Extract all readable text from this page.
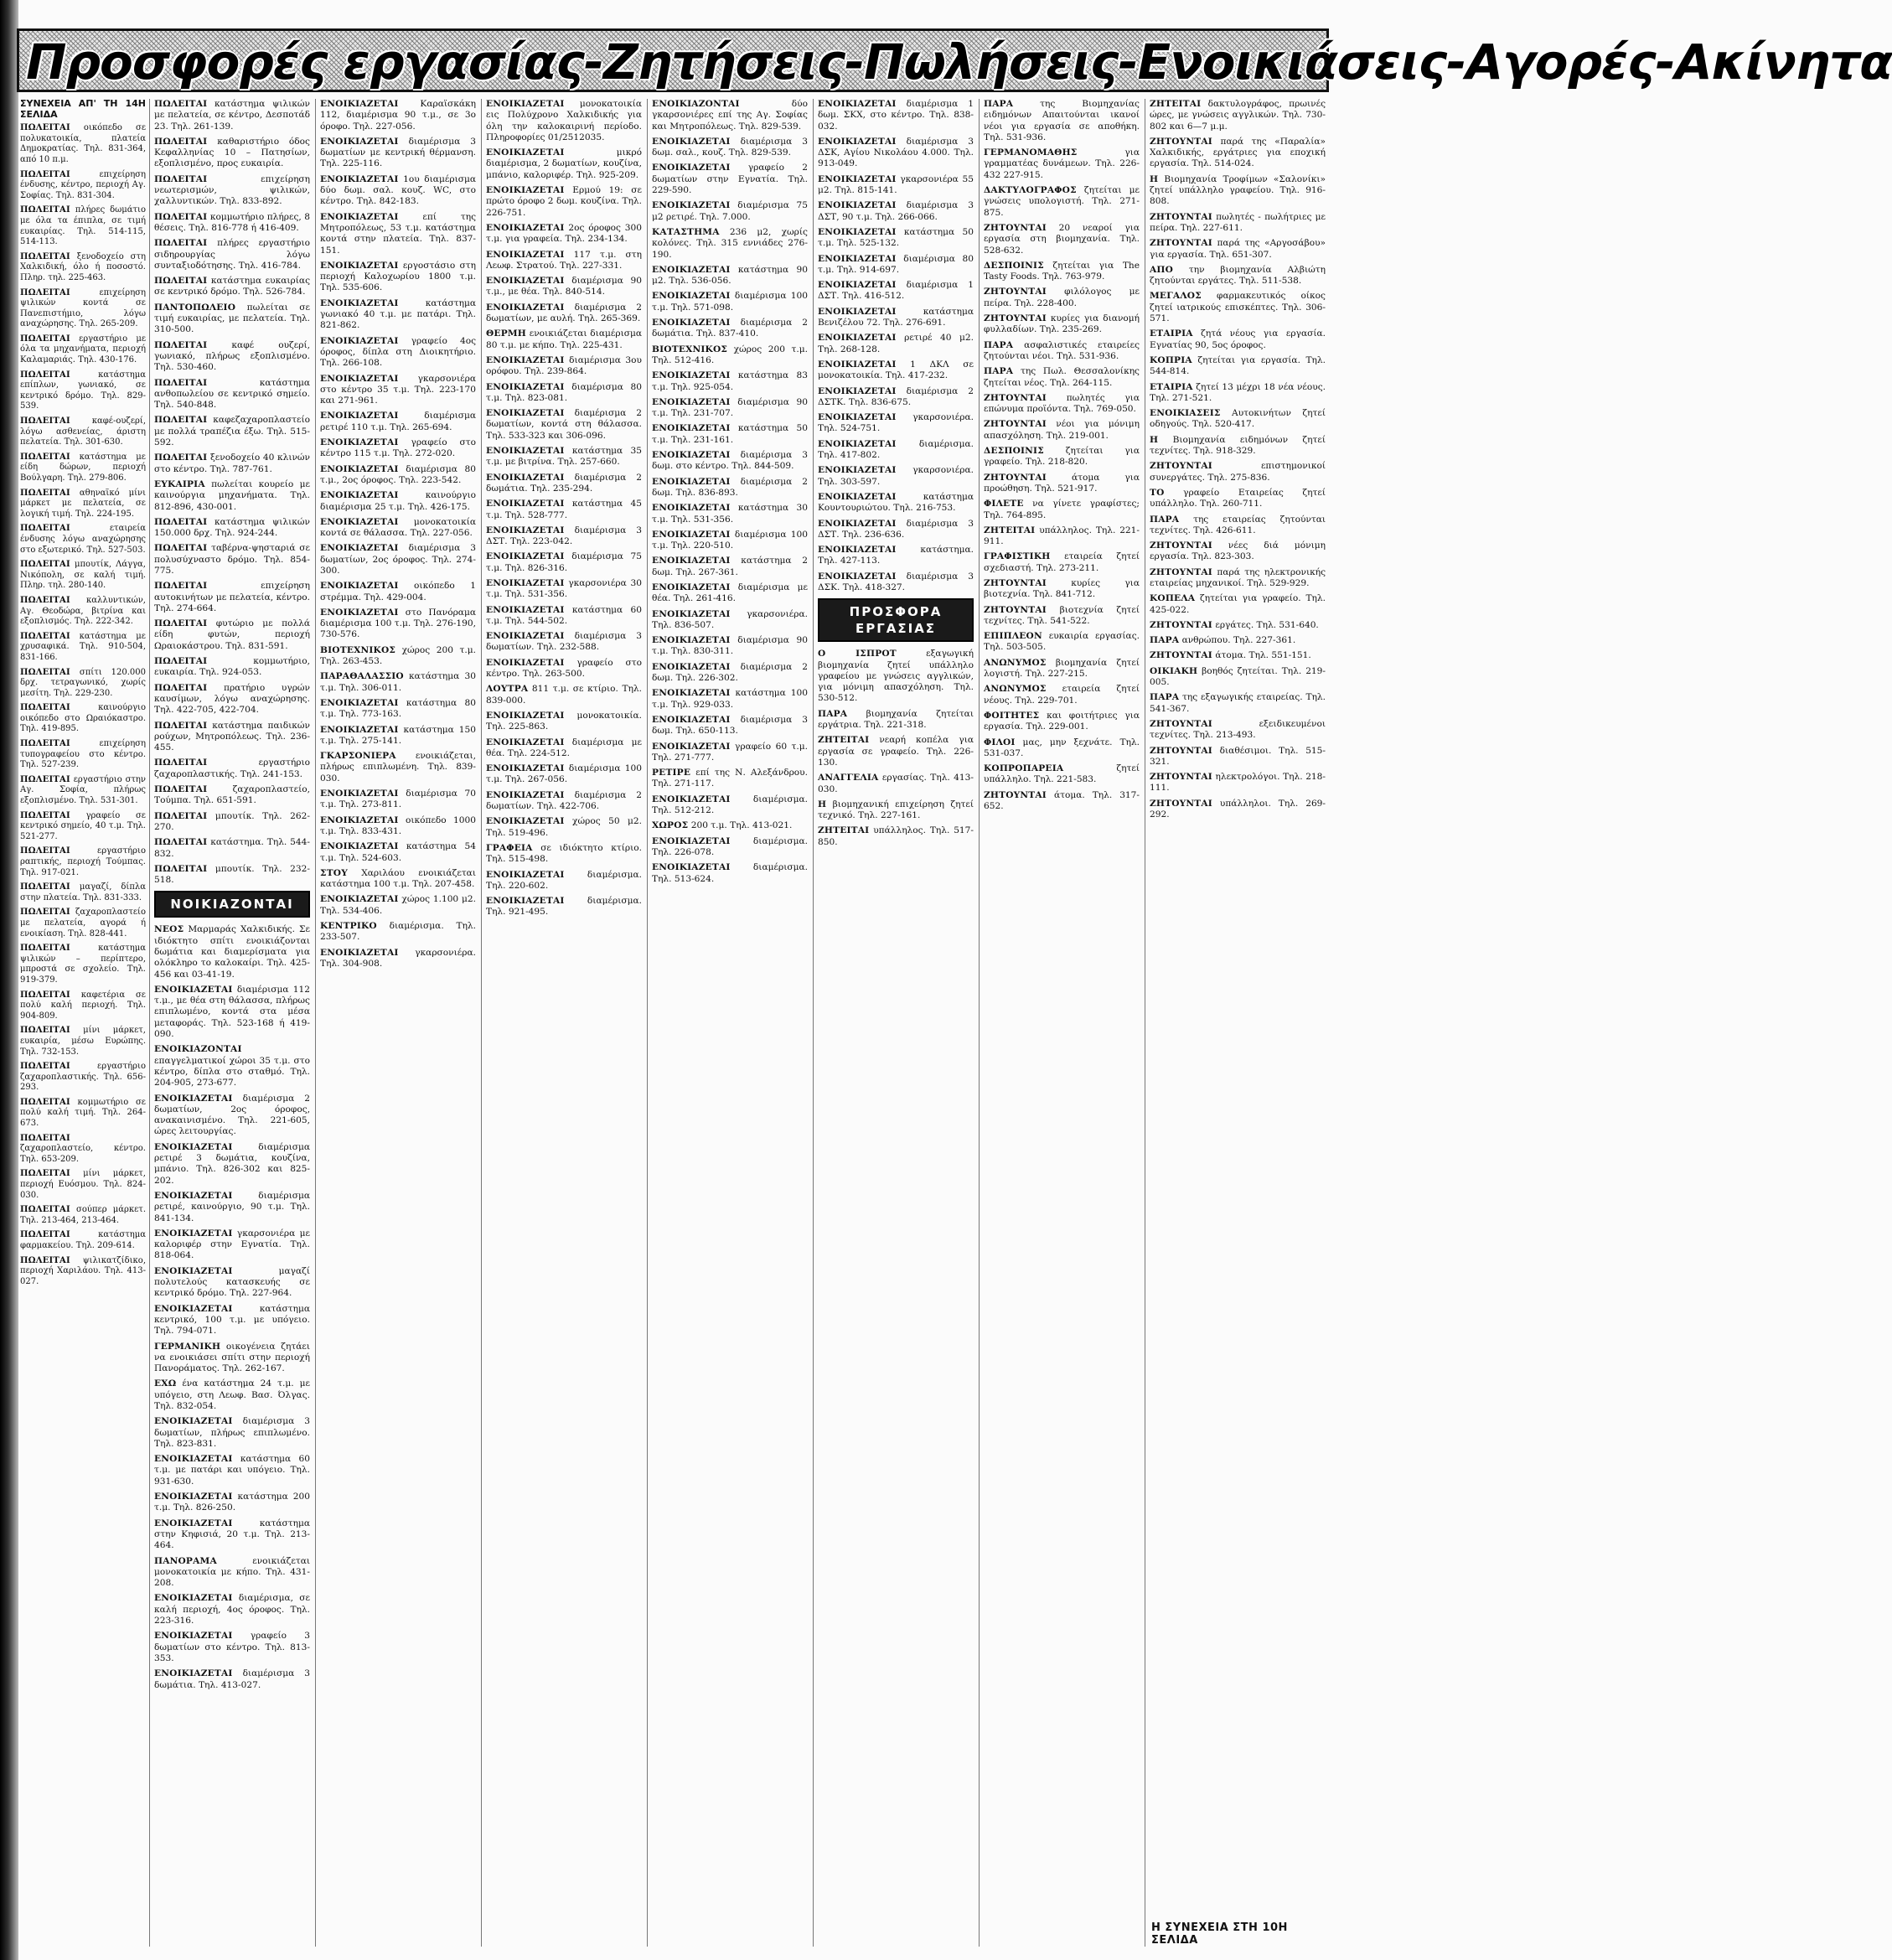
Προσφορές εργασίας-Ζητήσεις-Πωλήσεις-Ενοικιάσεις-Αγορές-Ακίνητα
ΣΥΝΕΧΕΙΑ ΑΠ' ΤΗ 14Η ΣΕΛΙΔΑ

ΠΩΛΕΙΤΑΙ οικόπεδο σε πολυκατοικία, πλατεία Δημοκρατίας. Τηλ. 831-364, από 10 π.μ.

ΠΩΛΕΙΤΑΙ επιχείρηση ένδυσης, κέντρο, περιοχή Αγ. Σοφίας. Τηλ. 831-304.

ΠΩΛΕΙΤΑΙ πλήρες δωμάτιο με όλα τα έπιπλα, σε τιμή ευκαιρίας. Τηλ. 514-115, 514-113.

ΠΩΛΕΙΤΑΙ ξενοδοχείο στη Χαλκιδική, όλο ή ποσοστό. Πληρ. τηλ. 225-463.

ΠΩΛΕΙΤΑΙ επιχείρηση ψιλικών κοντά σε Πανεπιστήμιο, λόγω αναχώρησης. Τηλ. 265-209.

ΠΩΛΕΙΤΑΙ εργαστήριο με όλα τα μηχανήματα, περιοχή Καλαμαριάς. Τηλ. 430-176.

ΠΩΛΕΙΤΑΙ κατάστημα επίπλων, γωνιακό, σε κεντρικό δρόμο. Τηλ. 829-539.

ΠΩΛΕΙΤΑΙ καφέ-ουζερί, λόγω ασθενείας, άριστη πελατεία. Τηλ. 301-630.

ΠΩΛΕΙΤΑΙ κατάστημα με είδη δώρων, περιοχή Βούλγαρη. Τηλ. 279-806.

ΠΩΛΕΙΤΑΙ αθηναϊκό μίνι μάρκετ με πελατεία, σε λογική τιμή. Τηλ. 224-195.

ΠΩΛΕΙΤΑΙ εταιρεία ένδυσης λόγω αναχώρησης στο εξωτερικό. Τηλ. 527-503.

ΠΩΛΕΙΤΑΙ μπουτίκ, Λάγγα, Νικόπολη, σε καλή τιμή. Πληρ. τηλ. 280-140.

ΠΩΛΕΙΤΑΙ καλλυντικών, Αγ. Θεοδώρα, βιτρίνα και εξοπλισμός. Τηλ. 222-342.

ΠΩΛΕΙΤΑΙ κατάστημα με χρυσαφικά. Τηλ. 910-504, 831-166.

ΠΩΛΕΙΤΑΙ σπίτι 120.000 δρχ. τετραγωνικό, χωρίς μεσίτη. Τηλ. 229-230.

ΠΩΛΕΙΤΑΙ καινούργιο οικόπεδο στο Ωραιόκαστρο. Τηλ. 419-895.

ΠΩΛΕΙΤΑΙ επιχείρηση τυπογραφείου στο κέντρο. Τηλ. 527-239.

ΠΩΛΕΙΤΑΙ εργαστήριο στην Αγ. Σοφία, πλήρως εξοπλισμένο. Τηλ. 531-301.

ΠΩΛΕΙΤΑΙ γραφείο σε κεντρικό σημείο, 40 τ.μ. Τηλ. 521-277.

ΠΩΛΕΙΤΑΙ εργαστήριο ραπτικής, περιοχή Τούμπας. Τηλ. 917-021.

ΠΩΛΕΙΤΑΙ μαγαζί, δίπλα στην πλατεία. Τηλ. 831-333.

ΠΩΛΕΙΤΑΙ ζαχαροπλαστείο με πελατεία, αγορά ή ενοικίαση. Τηλ. 828-441.

ΠΩΛΕΙΤΑΙ κατάστημα ψιλικών – περίπτερο, μπροστά σε σχολείο. Τηλ. 919-379.

ΠΩΛΕΙΤΑΙ καφετέρια σε πολύ καλή περιοχή. Τηλ. 904-809.

ΠΩΛΕΙΤΑΙ μίνι μάρκετ, ευκαιρία, μέσω Ευρώπης. Τηλ. 732-153.

ΠΩΛΕΙΤΑΙ εργαστήριο ζαχαροπλαστικής. Τηλ. 656-293.

ΠΩΛΕΙΤΑΙ κομμωτήριο σε πολύ καλή τιμή. Τηλ. 264-673.

ΠΩΛΕΙΤΑΙ ζαχαροπλαστείο, κέντρο. Τηλ. 653-209.

ΠΩΛΕΙΤΑΙ μίνι μάρκετ, περιοχή Ευόσμου. Τηλ. 824-030.

ΠΩΛΕΙΤΑΙ σούπερ μάρκετ. Τηλ. 213-464, 213-464.

ΠΩΛΕΙΤΑΙ κατάστημα φαρμακείου. Τηλ. 209-614.

ΠΩΛΕΙΤΑΙ ψιλικατζίδικο, περιοχή Χαριλάου. Τηλ. 413-027.

ΠΩΛΕΙΤΑΙ κατάστημα ψιλικών με πελατεία, σε κέντρο, Δεσποτάδ 23. Τηλ. 261-139.

ΠΩΛΕΙΤΑΙ καθαριστήριο όδος Κεφαλληνίας 10 – Πατησίων, εξοπλισμένο, προς ευκαιρία.

ΠΩΛΕΙΤΑΙ επιχείρηση νεωτερισμών, ψιλικών, χαλλυντικών. Τηλ. 833-892.

ΠΩΛΕΙΤΑΙ κομμωτήριο πλήρες, 8 θέσεις. Τηλ. 816-778 ή 416-409.

ΠΩΛΕΙΤΑΙ πλήρες εργαστήριο σιδηρουργίας λόγω συνταξιοδότησης. Τηλ. 416-784.

ΠΩΛΕΙΤΑΙ κατάστημα ευκαιρίας σε κεντρικό δρόμο. Τηλ. 526-784.

ΠΑΝΤΟΠΩΛΕΙΟ πωλείται σε τιμή ευκαιρίας, με πελατεία. Τηλ. 310-500.

ΠΩΛΕΙΤΑΙ καφέ ουζερί, γωνιακό, πλήρως εξοπλισμένο. Τηλ. 530-460.

ΠΩΛΕΙΤΑΙ κατάστημα ανθοπωλείου σε κεντρικό σημείο. Τηλ. 540-848.

ΠΩΛΕΙΤΑΙ καφεζαχαροπλαστείο με πολλά τραπέζια έξω. Τηλ. 515-592.

ΠΩΛΕΙΤΑΙ ξενοδοχείο 40 κλινών στο κέντρο. Τηλ. 787-761.

ΕΥΚΑΙΡΙΑ πωλείται κουρείο με καινούργια μηχανήματα. Τηλ. 812-896, 430-001.

ΠΩΛΕΙΤΑΙ κατάστημα ψιλικών 150.000 δρχ. Τηλ. 924-244.

ΠΩΛΕΙΤΑΙ ταβέρνα-ψησταριά σε πολυσύχναστο δρόμο. Τηλ. 854-775.

ΠΩΛΕΙΤΑΙ επιχείρηση αυτοκινήτων με πελατεία, κέντρο. Τηλ. 274-664.

ΠΩΛΕΙΤΑΙ φυτώριο με πολλά είδη φυτών, περιοχή Ωραιοκάστρου. Τηλ. 831-591.

ΠΩΛΕΙΤΑΙ κομμωτήριο, ευκαιρία. Τηλ. 924-053.

ΠΩΛΕΙΤΑΙ πρατήριο υγρών καυσίμων, λόγω αναχώρησης. Τηλ. 422-705, 422-704.

ΠΩΛΕΙΤΑΙ κατάστημα παιδικών ρούχων, Μητροπόλεως. Τηλ. 236-455.

ΠΩΛΕΙΤΑΙ εργαστήριο ζαχαροπλαστικής. Τηλ. 241-153.

ΠΩΛΕΙΤΑΙ ζαχαροπλαστείο, Τούμπα. Τηλ. 651-591.

ΠΩΛΕΙΤΑΙ μπουτίκ. Τηλ. 262-270.

ΠΩΛΕΙΤΑΙ κατάστημα. Τηλ. 544-832.

ΠΩΛΕΙΤΑΙ μπουτίκ. Τηλ. 232-518.

ΝΟΙΚΙΑΖΟΝΤΑΙ

ΝΕΟΣ Μαρμαράς Χαλκιδικής. Σε ιδιόκτητο σπίτι ενοικιάζονται δωμάτια και διαμερίσματα για ολόκληρο το καλοκαίρι. Τηλ. 425-456 και 03-41-19.

ΕΝΟΙΚΙΑΖΕΤΑΙ διαμέρισμα 112 τ.μ., με θέα στη θάλασσα, πλήρως επιπλωμένο, κοντά στα μέσα μεταφοράς. Τηλ. 523-168 ή 419-090.

ΕΝΟΙΚΙΑΖΟΝΤΑΙ επαγγελματικοί χώροι 35 τ.μ. στο κέντρο, δίπλα στο σταθμό. Τηλ. 204-905, 273-677.

ΕΝΟΙΚΙΑΖΕΤΑΙ διαμέρισμα 2 δωματίων, 2ος όροφος, ανακαινισμένο. Τηλ. 221-605, ώρες λειτουργίας.

ΕΝΟΙΚΙΑΖΕΤΑΙ διαμέρισμα ρετιρέ 3 δωμάτια, κουζίνα, μπάνιο. Τηλ. 826-302 και 825-202.

ΕΝΟΙΚΙΑΖΕΤΑΙ διαμέρισμα ρετιρέ, καινούργιο, 90 τ.μ. Τηλ. 841-134.

ΕΝΟΙΚΙΑΖΕΤΑΙ γκαρσονιέρα με καλοριφέρ στην Εγνατία. Τηλ. 818-064.

ΕΝΟΙΚΙΑΖΕΤΑΙ μαγαζί πολυτελούς κατασκευής σε κεντρικό δρόμο. Τηλ. 227-964.

ΕΝΟΙΚΙΑΖΕΤΑΙ κατάστημα κεντρικό, 100 τ.μ. με υπόγειο. Τηλ. 794-071.

ΓΕΡΜΑΝΙΚΗ οικογένεια ζητάει να ενοικιάσει σπίτι στην περιοχή Πανοράματος. Τηλ. 262-167.

ΕΧΩ ένα κατάστημα 24 τ.μ. με υπόγειο, στη Λεωφ. Βασ. Όλγας. Τηλ. 832-054.

ΕΝΟΙΚΙΑΖΕΤΑΙ διαμέρισμα 3 δωματίων, πλήρως επιπλωμένο. Τηλ. 823-831.

ΕΝΟΙΚΙΑΖΕΤΑΙ κατάστημα 60 τ.μ. με πατάρι και υπόγειο. Τηλ. 931-630.

ΕΝΟΙΚΙΑΖΕΤΑΙ κατάστημα 200 τ.μ. Τηλ. 826-250.

ΕΝΟΙΚΙΑΖΕΤΑΙ κατάστημα στην Κηφισιά, 20 τ.μ. Τηλ. 213-464.

ΠΑΝΟΡΑΜΑ ενοικιάζεται μονοκατοικία με κήπο. Τηλ. 431-208.

ΕΝΟΙΚΙΑΖΕΤΑΙ διαμέρισμα, σε καλή περιοχή, 4ος όροφος. Τηλ. 223-316.

ΕΝΟΙΚΙΑΖΕΤΑΙ γραφείο 3 δωματίων στο κέντρο. Τηλ. 813-353.

ΕΝΟΙΚΙΑΖΕΤΑΙ διαμέρισμα 3 δωμάτια. Τηλ. 413-027.

ΕΝΟΙΚΙΑΖΕΤΑΙ Καραϊσκάκη 112, διαμέρισμα 90 τ.μ., σε 3ο όροφο. Τηλ. 227-056.

ΕΝΟΙΚΙΑΖΕΤΑΙ διαμέρισμα 3 δωματίων με κεντρική θέρμανση. Τηλ. 225-116.

ΕΝΟΙΚΙΑΖΕΤΑΙ 1ου διαμέρισμα δύο δωμ. σαλ. κουζ. WC, στο κέντρο. Τηλ. 842-183.

ΕΝΟΙΚΙΑΖΕΤΑΙ επί της Μητροπόλεως, 53 τ.μ. κατάστημα κοντά στην πλατεία. Τηλ. 837-151.

ΕΝΟΙΚΙΑΖΕΤΑΙ εργοστάσιο στη περιοχή Καλοχωρίου 1800 τ.μ. Τηλ. 535-606.

ΕΝΟΙΚΙΑΖΕΤΑΙ κατάστημα γωνιακό 40 τ.μ. με πατάρι. Τηλ. 821-862.

ΕΝΟΙΚΙΑΖΕΤΑΙ γραφείο 4ος όροφος, δίπλα στη Διοικητήριο. Τηλ. 266-108.

ΕΝΟΙΚΙΑΖΕΤΑΙ γκαρσονιέρα στο κέντρο 35 τ.μ. Τηλ. 223-170 και 271-961.

ΕΝΟΙΚΙΑΖΕΤΑΙ διαμέρισμα ρετιρέ 110 τ.μ. Τηλ. 265-694.

ΕΝΟΙΚΙΑΖΕΤΑΙ γραφείο στο κέντρο 115 τ.μ. Τηλ. 272-020.

ΕΝΟΙΚΙΑΖΕΤΑΙ διαμέρισμα 80 τ.μ., 2ος όροφος. Τηλ. 223-542.

ΕΝΟΙΚΙΑΖΕΤΑΙ καινούργιο διαμέρισμα 25 τ.μ. Τηλ. 426-175.

ΕΝΟΙΚΙΑΖΕΤΑΙ μονοκατοικία κοντά σε θάλασσα. Τηλ. 227-056.

ΕΝΟΙΚΙΑΖΕΤΑΙ διαμέρισμα 3 δωματίων, 2ος όροφος. Τηλ. 274-300.

ΕΝΟΙΚΙΑΖΕΤΑΙ οικόπεδο 1 στρέμμα. Τηλ. 429-004.

ΕΝΟΙΚΙΑΖΕΤΑΙ στο Πανόραμα διαμέρισμα 100 τ.μ. Τηλ. 276-190, 730-576.

ΒΙΟΤΕΧΝΙΚΟΣ χώρος 200 τ.μ. Τηλ. 263-453.

ΠΑΡΑΘΑΛΑΣΣΙΟ κατάστημα 30 τ.μ. Τηλ. 306-011.

ΕΝΟΙΚΙΑΖΕΤΑΙ κατάστημα 80 τ.μ. Τηλ. 773-163.

ΕΝΟΙΚΙΑΖΕΤΑΙ κατάστημα 150 τ.μ. Τηλ. 275-141.

ΓΚΑΡΣΟΝΙΕΡΑ ενοικιάζεται, πλήρως επιπλωμένη. Τηλ. 839-030.

ΕΝΟΙΚΙΑΖΕΤΑΙ διαμέρισμα 70 τ.μ. Τηλ. 273-811.

ΕΝΟΙΚΙΑΖΕΤΑΙ οικόπεδο 1000 τ.μ. Τηλ. 833-431.

ΕΝΟΙΚΙΑΖΕΤΑΙ κατάστημα 54 τ.μ. Τηλ. 524-603.

ΣΤΟΥ Χαριλάου ενοικιάζεται κατάστημα 100 τ.μ. Τηλ. 207-458.

ΕΝΟΙΚΙΑΖΕΤΑΙ χώρος 1.100 μ2. Τηλ. 534-406.

ΚΕΝΤΡΙΚΟ διαμέρισμα. Τηλ. 233-507.

ΕΝΟΙΚΙΑΖΕΤΑΙ γκαρσονιέρα. Τηλ. 304-908.

ΕΝΟΙΚΙΑΖΕΤΑΙ μονοκατοικία εις Πολύχρονο Χαλκιδικής για όλη την καλοκαιρινή περίοδο. Πληροφορίες 01/2512035.

ΕΝΟΙΚΙΑΖΕΤΑΙ μικρό διαμέρισμα, 2 δωματίων, κουζίνα, μπάνιο, καλοριφέρ. Τηλ. 925-209.

ΕΝΟΙΚΙΑΖΕΤΑΙ Ερμού 19: σε πρώτο όροφο 2 δωμ. κουζίνα. Τηλ. 226-751.

ΕΝΟΙΚΙΑΖΕΤΑΙ 2ος όροφος 300 τ.μ. για γραφεία. Τηλ. 234-134.

ΕΝΟΙΚΙΑΖΕΤΑΙ 117 τ.μ. στη Λεωφ. Στρατού. Τηλ. 227-331.

ΕΝΟΙΚΙΑΖΕΤΑΙ διαμέρισμα 90 τ.μ., με θέα. Τηλ. 840-514.

ΕΝΟΙΚΙΑΖΕΤΑΙ διαμέρισμα 2 δωματίων, με αυλή. Τηλ. 265-369.

ΘΕΡΜΗ ενοικιάζεται διαμέρισμα 80 τ.μ. με κήπο. Τηλ. 225-431.

ΕΝΟΙΚΙΑΖΕΤΑΙ διαμέρισμα 3ου ορόφου. Τηλ. 239-864.

ΕΝΟΙΚΙΑΖΕΤΑΙ διαμέρισμα 80 τ.μ. Τηλ. 823-081.

ΕΝΟΙΚΙΑΖΕΤΑΙ διαμέρισμα 2 δωματίων, κοντά στη θάλασσα. Τηλ. 533-323 και 306-096.

ΕΝΟΙΚΙΑΖΕΤΑΙ κατάστημα 35 τ.μ. με βιτρίνα. Τηλ. 257-660.

ΕΝΟΙΚΙΑΖΕΤΑΙ διαμέρισμα 2 δωμάτια. Τηλ. 235-294.

ΕΝΟΙΚΙΑΖΕΤΑΙ κατάστημα 45 τ.μ. Τηλ. 528-777.

ΕΝΟΙΚΙΑΖΕΤΑΙ διαμέρισμα 3 ΔΣΤ. Τηλ. 223-042.

ΕΝΟΙΚΙΑΖΕΤΑΙ διαμέρισμα 75 τ.μ. Τηλ. 826-316.

ΕΝΟΙΚΙΑΖΕΤΑΙ γκαρσονιέρα 30 τ.μ. Τηλ. 531-356.

ΕΝΟΙΚΙΑΖΕΤΑΙ κατάστημα 60 τ.μ. Τηλ. 544-502.

ΕΝΟΙΚΙΑΖΕΤΑΙ διαμέρισμα 3 δωματίων. Τηλ. 232-588.

ΕΝΟΙΚΙΑΖΕΤΑΙ γραφείο στο κέντρο. Τηλ. 263-500.

ΛΟΥΤΡΑ 811 τ.μ. σε κτίριο. Τηλ. 839-000.

ΕΝΟΙΚΙΑΖΕΤΑΙ μονοκατοικία. Τηλ. 225-863.

ΕΝΟΙΚΙΑΖΕΤΑΙ διαμέρισμα με θέα. Τηλ. 224-512.

ΕΝΟΙΚΙΑΖΕΤΑΙ διαμέρισμα 100 τ.μ. Τηλ. 267-056.

ΕΝΟΙΚΙΑΖΕΤΑΙ διαμέρισμα 2 δωματίων. Τηλ. 422-706.

ΕΝΟΙΚΙΑΖΕΤΑΙ χώρος 50 μ2. Τηλ. 519-496.

ΓΡΑΦΕΙΑ σε ιδιόκτητο κτίριο. Τηλ. 515-498.

ΕΝΟΙΚΙΑΖΕΤΑΙ διαμέρισμα. Τηλ. 220-602.

ΕΝΟΙΚΙΑΖΕΤΑΙ διαμέρισμα. Τηλ. 921-495.

ΕΝΟΙΚΙΑΖΟΝΤΑΙ δύο γκαρσονιέρες επί της Αγ. Σοφίας και Μητροπόλεως. Τηλ. 829-539.

ΕΝΟΙΚΙΑΖΕΤΑΙ διαμέρισμα 3 δωμ. σαλ., κουζ. Τηλ. 829-539.

ΕΝΟΙΚΙΑΖΕΤΑΙ γραφείο 2 δωματίων στην Εγνατία. Τηλ. 229-590.

ΕΝΟΙΚΙΑΖΕΤΑΙ διαμέρισμα 75 μ2 ρετιρέ. Τηλ. 7.000.

ΚΑΤΑΣΤΗΜΑ 236 μ2, χωρίς κολόνες. Τηλ. 315 εννιάδες 276-190.

ΕΝΟΙΚΙΑΖΕΤΑΙ κατάστημα 90 μ2. Τηλ. 536-056.

ΕΝΟΙΚΙΑΖΕΤΑΙ διαμέρισμα 100 τ.μ. Τηλ. 571-098.

ΕΝΟΙΚΙΑΖΕΤΑΙ διαμέρισμα 2 δωμάτια. Τηλ. 837-410.

ΒΙΟΤΕΧΝΙΚΟΣ χώρος 200 τ.μ. Τηλ. 512-416.

ΕΝΟΙΚΙΑΖΕΤΑΙ κατάστημα 83 τ.μ. Τηλ. 925-054.

ΕΝΟΙΚΙΑΖΕΤΑΙ διαμέρισμα 90 τ.μ. Τηλ. 231-707.

ΕΝΟΙΚΙΑΖΕΤΑΙ κατάστημα 50 τ.μ. Τηλ. 231-161.

ΕΝΟΙΚΙΑΖΕΤΑΙ διαμέρισμα 3 δωμ. στο κέντρο. Τηλ. 844-509.

ΕΝΟΙΚΙΑΖΕΤΑΙ διαμέρισμα 2 δωμ. Τηλ. 836-893.

ΕΝΟΙΚΙΑΖΕΤΑΙ κατάστημα 30 τ.μ. Τηλ. 531-356.

ΕΝΟΙΚΙΑΖΕΤΑΙ διαμέρισμα 100 τ.μ. Τηλ. 220-510.

ΕΝΟΙΚΙΑΖΕΤΑΙ κατάστημα 2 δωμ. Τηλ. 267-361.

ΕΝΟΙΚΙΑΖΕΤΑΙ διαμέρισμα με θέα. Τηλ. 261-416.

ΕΝΟΙΚΙΑΖΕΤΑΙ γκαρσονιέρα. Τηλ. 836-507.

ΕΝΟΙΚΙΑΖΕΤΑΙ διαμέρισμα 90 τ.μ. Τηλ. 830-311.

ΕΝΟΙΚΙΑΖΕΤΑΙ διαμέρισμα 2 δωμ. Τηλ. 226-302.

ΕΝΟΙΚΙΑΖΕΤΑΙ κατάστημα 100 τ.μ. Τηλ. 929-033.

ΕΝΟΙΚΙΑΖΕΤΑΙ διαμέρισμα 3 δωμ. Τηλ. 650-113.

ΕΝΟΙΚΙΑΖΕΤΑΙ γραφείο 60 τ.μ. Τηλ. 271-777.

ΡΕΤΙΡΕ επί της Ν. Αλεξάνδρου. Τηλ. 271-117.

ΕΝΟΙΚΙΑΖΕΤΑΙ διαμέρισμα. Τηλ. 512-212.

ΧΩΡΟΣ 200 τ.μ. Τηλ. 413-021.

ΕΝΟΙΚΙΑΖΕΤΑΙ διαμέρισμα. Τηλ. 226-078.

ΕΝΟΙΚΙΑΖΕΤΑΙ διαμέρισμα. Τηλ. 513-624.

ΕΝΟΙΚΙΑΖΕΤΑΙ διαμέρισμα 1 δωμ. ΣΚΧ, στο κέντρο. Τηλ. 838-032.

ΕΝΟΙΚΙΑΖΕΤΑΙ διαμέρισμα 3 ΔΣΚ, Αγίου Νικολάου 4.000. Τηλ. 913-049.

ΕΝΟΙΚΙΑΖΕΤΑΙ γκαρσονιέρα 55 μ2. Τηλ. 815-141.

ΕΝΟΙΚΙΑΖΕΤΑΙ διαμέρισμα 3 ΔΣΤ, 90 τ.μ. Τηλ. 266-066.

ΕΝΟΙΚΙΑΖΕΤΑΙ κατάστημα 50 τ.μ. Τηλ. 525-132.

ΕΝΟΙΚΙΑΖΕΤΑΙ διαμέρισμα 80 τ.μ. Τηλ. 914-697.

ΕΝΟΙΚΙΑΖΕΤΑΙ διαμέρισμα 1 ΔΣΤ. Τηλ. 416-512.

ΕΝΟΙΚΙΑΖΕΤΑΙ κατάστημα Βενιζέλου 72. Τηλ. 276-691.

ΕΝΟΙΚΙΑΖΕΤΑΙ ρετιρέ 40 μ2. Τηλ. 268-128.

ΕΝΟΙΚΙΑΖΕΤΑΙ 1 ΔΚΛ σε μονοκατοικία. Τηλ. 417-232.

ΕΝΟΙΚΙΑΖΕΤΑΙ διαμέρισμα 2 ΔΣΤΚ. Τηλ. 836-675.

ΕΝΟΙΚΙΑΖΕΤΑΙ γκαρσονιέρα. Τηλ. 524-751.

ΕΝΟΙΚΙΑΖΕΤΑΙ διαμέρισμα. Τηλ. 417-802.

ΕΝΟΙΚΙΑΖΕΤΑΙ γκαρσονιέρα. Τηλ. 303-597.

ΕΝΟΙΚΙΑΖΕΤΑΙ κατάστημα Κουντουριώτου. Τηλ. 216-753.

ΕΝΟΙΚΙΑΖΕΤΑΙ διαμέρισμα 3 ΔΣΤ. Τηλ. 236-636.

ΕΝΟΙΚΙΑΖΕΤΑΙ κατάστημα. Τηλ. 427-113.

ΕΝΟΙΚΙΑΖΕΤΑΙ διαμέρισμα 3 ΔΣΚ. Τηλ. 418-327.

ΠΡΟΣΦΟΡΑ ΕΡΓΑΣΙΑΣ

Ο ΙΣΠΡΟΤ εξαγωγική βιομηχανία ζητεί υπάλληλο γραφείου με γνώσεις αγγλικών, για μόνιμη απασχόληση. Τηλ. 530-512.

ΠΑΡΑ βιομηχανία ζητείται εργάτρια. Τηλ. 221-318.

ΖΗΤΕΙΤΑΙ νεαρή κοπέλα για εργασία σε γραφείο. Τηλ. 226-130.

ΑΝΑΓΓΕΛΙΑ εργασίας. Τηλ. 413-030.

Η βιομηχανική επιχείρηση ζητεί τεχνικό. Τηλ. 227-161.

ΖΗΤΕΙΤΑΙ υπάλληλος. Τηλ. 517-850.

ΠΑΡΑ της Βιομηχανίας ειδημόνων Απαιτούνται ικανοί νέοι για εργασία σε αποθήκη. Τηλ. 531-936.

ΓΕΡΜΑΝΟΜΑΘΗΣ για γραμματέας δυνάμεων. Τηλ. 226-432 227-915.

ΔΑΚΤΥΛΟΓΡΑΦΟΣ ζητείται με γνώσεις υπολογιστή. Τηλ. 271-875.

ΖΗΤΟΥΝΤΑΙ 20 νεαροί για εργασία στη βιομηχανία. Τηλ. 528-632.

ΔΕΣΠΟΙΝΙΣ ζητείται για The Tasty Foods. Τηλ. 763-979.

ΖΗΤΟΥΝΤΑΙ φιλόλογος με πείρα. Τηλ. 228-400.

ΖΗΤΟΥΝΤΑΙ κυρίες για διανομή φυλλαδίων. Τηλ. 235-269.

ΠΑΡΑ ασφαλιστικές εταιρείες ζητούνται νέοι. Τηλ. 531-936.

ΠΑΡΑ της Πωλ. Θεσσαλονίκης ζητείται νέος. Τηλ. 264-115.

ΖΗΤΟΥΝΤΑΙ πωλητές για επώνυμα προϊόντα. Τηλ. 769-050.

ΖΗΤΟΥΝΤΑΙ νέοι για μόνιμη απασχόληση. Τηλ. 219-001.

ΔΕΣΠΟΙΝΙΣ ζητείται για γραφείο. Τηλ. 218-820.

ΖΗΤΟΥΝΤΑΙ άτομα για προώθηση. Τηλ. 521-917.

ΦΙΛΕΤΕ να γίνετε γραφίστες; Τηλ. 764-895.

ΖΗΤΕΙΤΑΙ υπάλληλος. Τηλ. 221-911.

ΓΡΑΦΙΣΤΙΚΗ εταιρεία ζητεί σχεδιαστή. Τηλ. 273-211.

ΖΗΤΟΥΝΤΑΙ κυρίες για βιοτεχνία. Τηλ. 841-712.

ΖΗΤΟΥΝΤΑΙ βιοτεχνία ζητεί τεχνίτες. Τηλ. 541-522.

ΕΠΙΠΛΕΟΝ ευκαιρία εργασίας. Τηλ. 503-505.

ΑΝΩΝΥΜΟΣ βιομηχανία ζητεί λογιστή. Τηλ. 227-215.

ΑΝΩΝΥΜΟΣ εταιρεία ζητεί νέους. Τηλ. 229-701.

ΦΟΙΤΗΤΕΣ και φοιτήτριες για εργασία. Τηλ. 229-001.

ΦΙΛΟΙ μας, μην ξεχνάτε. Τηλ. 531-037.

ΚΟΠΡΟΠΑΡΕΙΑ ζητεί υπάλληλο. Τηλ. 221-583.

ΖΗΤΟΥΝΤΑΙ άτομα. Τηλ. 317-652.

ΖΗΤΕΙΤΑΙ δακτυλογράφος, πρωινές ώρες, με γνώσεις αγγλικών. Τηλ. 730-802 και 6—7 μ.μ.

ΖΗΤΟΥΝΤΑΙ παρά της «Παραλία» Χαλκιδικής, εργάτριες για εποχική εργασία. Τηλ. 514-024.

Η Βιομηχανία Τροφίμων «Σαλονίκι» ζητεί υπάλληλο γραφείου. Τηλ. 916-808.

ΖΗΤΟΥΝΤΑΙ πωλητές - πωλήτριες με πείρα. Τηλ. 227-611.

ΖΗΤΟΥΝΤΑΙ παρά της «Αργοσάβου» για εργασία. Τηλ. 651-307.

ΑΠΟ την βιομηχανία Αλβιώτη ζητούνται εργάτες. Τηλ. 511-538.

ΜΕΓΑΛΟΣ φαρμακευτικός οίκος ζητεί ιατρικούς επισκέπτες. Τηλ. 306-571.

ΕΤΑΙΡΙΑ ζητά νέους για εργασία. Εγνατίας 90, 5ος όροφος.

ΚΟΠΡΙΑ ζητείται για εργασία. Τηλ. 544-814.

ΕΤΑΙΡΙΑ ζητεί 13 μέχρι 18 νέα νέους. Τηλ. 271-521.

ΕΝΟΙΚΙΑΣΕΙΣ Αυτοκινήτων ζητεί οδηγούς. Τηλ. 520-417.

Η Βιομηχανία ειδημόνων ζητεί τεχνίτες. Τηλ. 918-329.

ΖΗΤΟΥΝΤΑΙ επιστημονικοί συνεργάτες. Τηλ. 275-836.

ΤΟ γραφείο Εταιρείας ζητεί υπάλληλο. Τηλ. 260-711.

ΠΑΡΑ της εταιρείας ζητούνται τεχνίτες. Τηλ. 426-611.

ΖΗΤΟΥΝΤΑΙ νέες διά μόνιμη εργασία. Τηλ. 823-303.

ΖΗΤΟΥΝΤΑΙ παρά της ηλεκτρονικής εταιρείας μηχανικοί. Τηλ. 529-929.

ΚΟΠΕΛΑ ζητείται για γραφείο. Τηλ. 425-022.

ΖΗΤΟΥΝΤΑΙ εργάτες. Τηλ. 531-640.

ΠΑΡΑ ανθρώπου. Τηλ. 227-361.

ΖΗΤΟΥΝΤΑΙ άτομα. Τηλ. 551-151.

ΟΙΚΙΑΚΗ βοηθός ζητείται. Τηλ. 219-005.

ΠΑΡΑ της εξαγωγικής εταιρείας. Τηλ. 541-367.

ΖΗΤΟΥΝΤΑΙ εξειδικευμένοι τεχνίτες. Τηλ. 213-493.

ΖΗΤΟΥΝΤΑΙ διαθέσιμοι. Τηλ. 515-321.

ΖΗΤΟΥΝΤΑΙ ηλεκτρολόγοι. Τηλ. 218-111.

ΖΗΤΟΥΝΤΑΙ υπάλληλοι. Τηλ. 269-292.

Η ΣΥΝΕΧΕΙΑ ΣΤΗ 10Η ΣΕΛΙΔΑ
